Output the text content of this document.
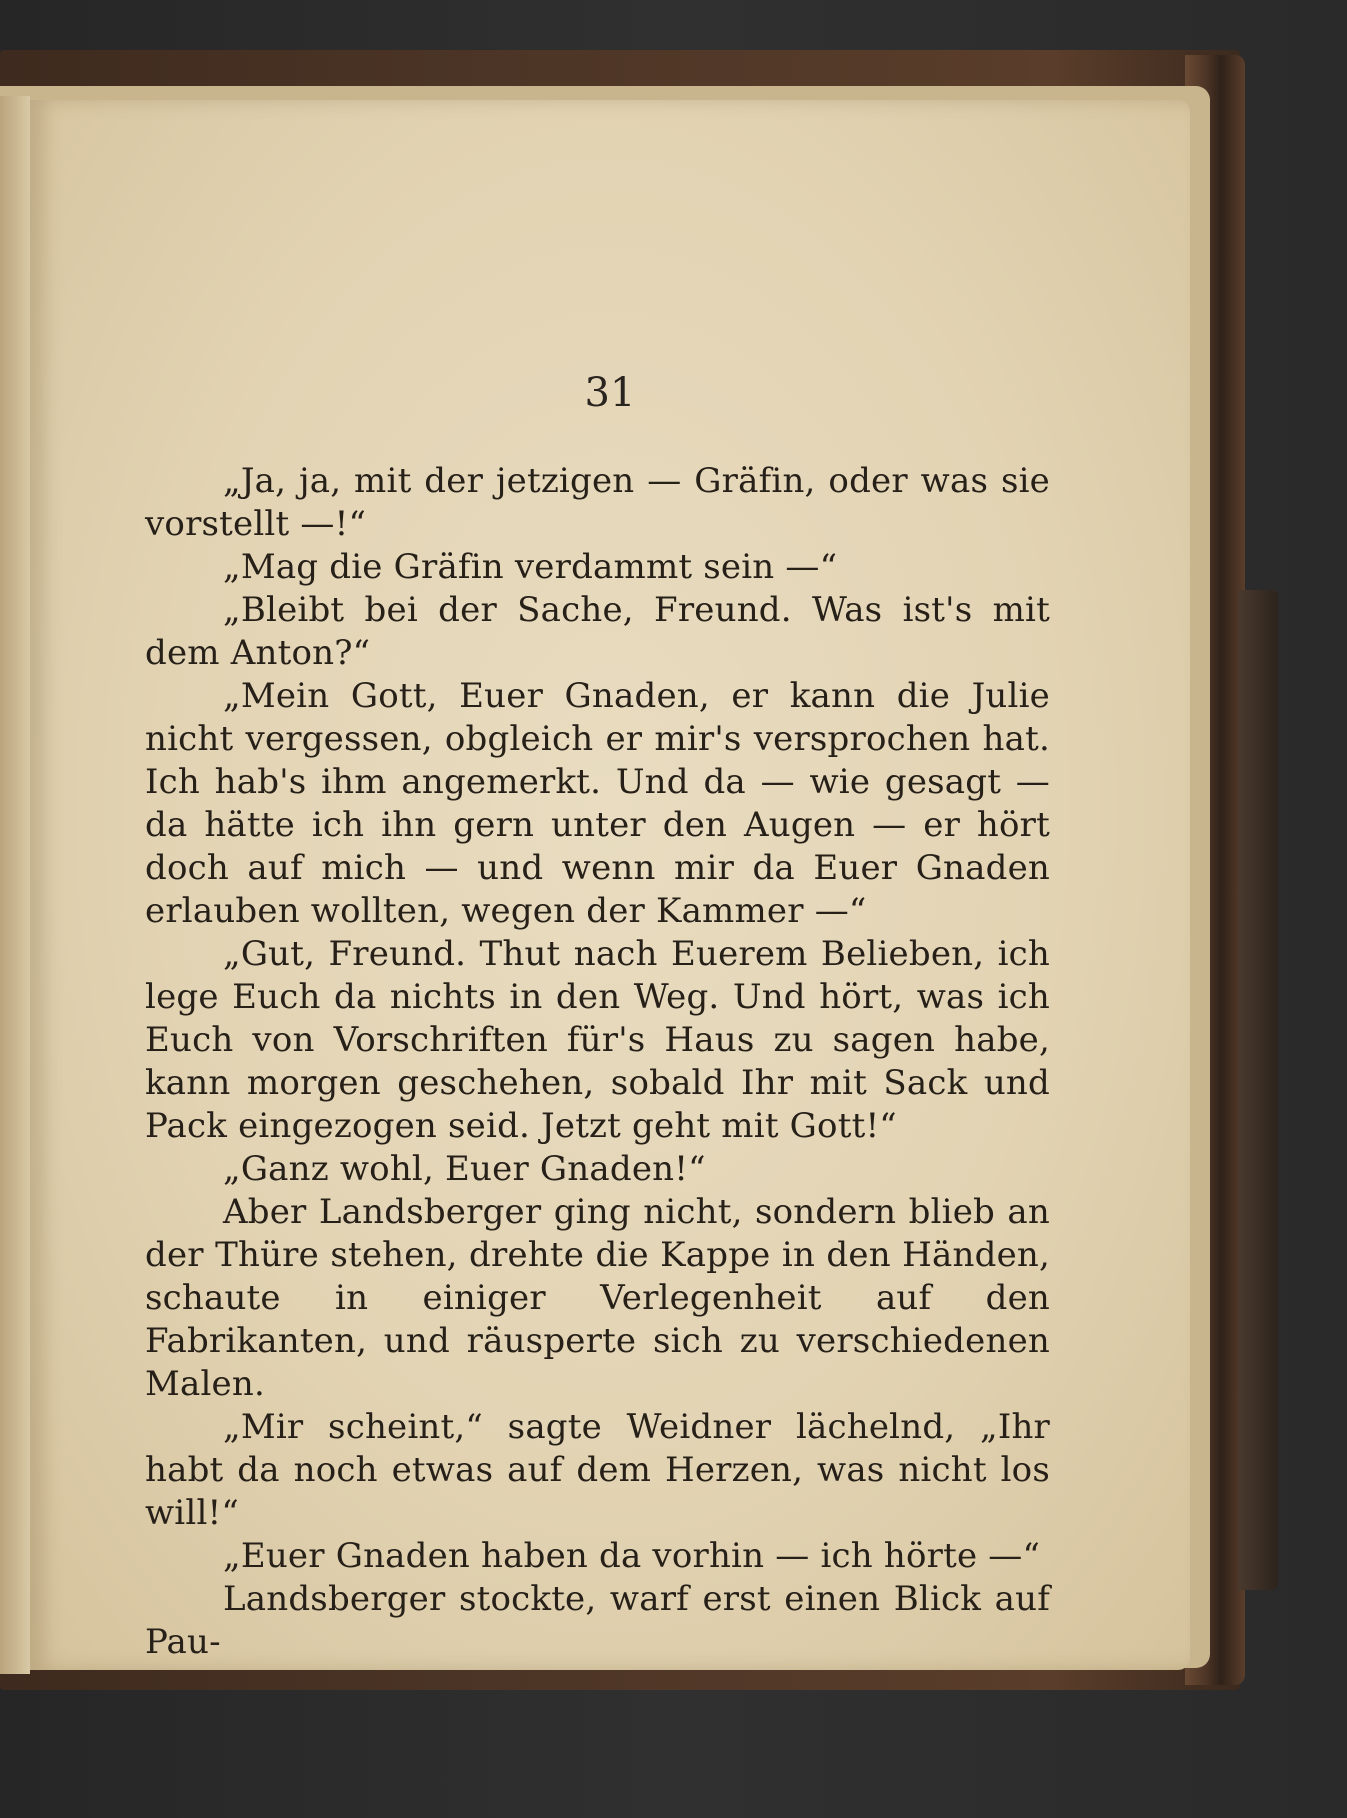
31

„Ja, ja, mit der jetzigen — Gräfin, oder was sie vorstellt —!“

„Mag die Gräfin verdammt sein —“

„Bleibt bei der Sache, Freund. Was ist's mit dem Anton?“

„Mein Gott, Euer Gnaden, er kann die Julie nicht vergessen, obgleich er mir's versprochen hat. Ich hab's ihm angemerkt. Und da — wie gesagt — da hätte ich ihn gern unter den Augen — er hört doch auf mich — und wenn mir da Euer Gnaden erlauben wollten, wegen der Kammer —“

„Gut, Freund. Thut nach Euerem Belieben, ich lege Euch da nichts in den Weg. Und hört, was ich Euch von Vorschriften für's Haus zu sagen habe, kann morgen geschehen, sobald Ihr mit Sack und Pack eingezogen seid. Jetzt geht mit Gott!“

„Ganz wohl, Euer Gnaden!“

Aber Landsberger ging nicht, sondern blieb an der Thüre stehen, drehte die Kappe in den Händen, schaute in einiger Verlegenheit auf den Fabrikanten, und räusperte sich zu verschiedenen Malen.

„Mir scheint,“ sagte Weidner lächelnd, „Ihr habt da noch etwas auf dem Herzen, was nicht los will!“

„Euer Gnaden haben da vorhin — ich hörte —“

Landsberger stockte, warf erst einen Blick auf Pau-
